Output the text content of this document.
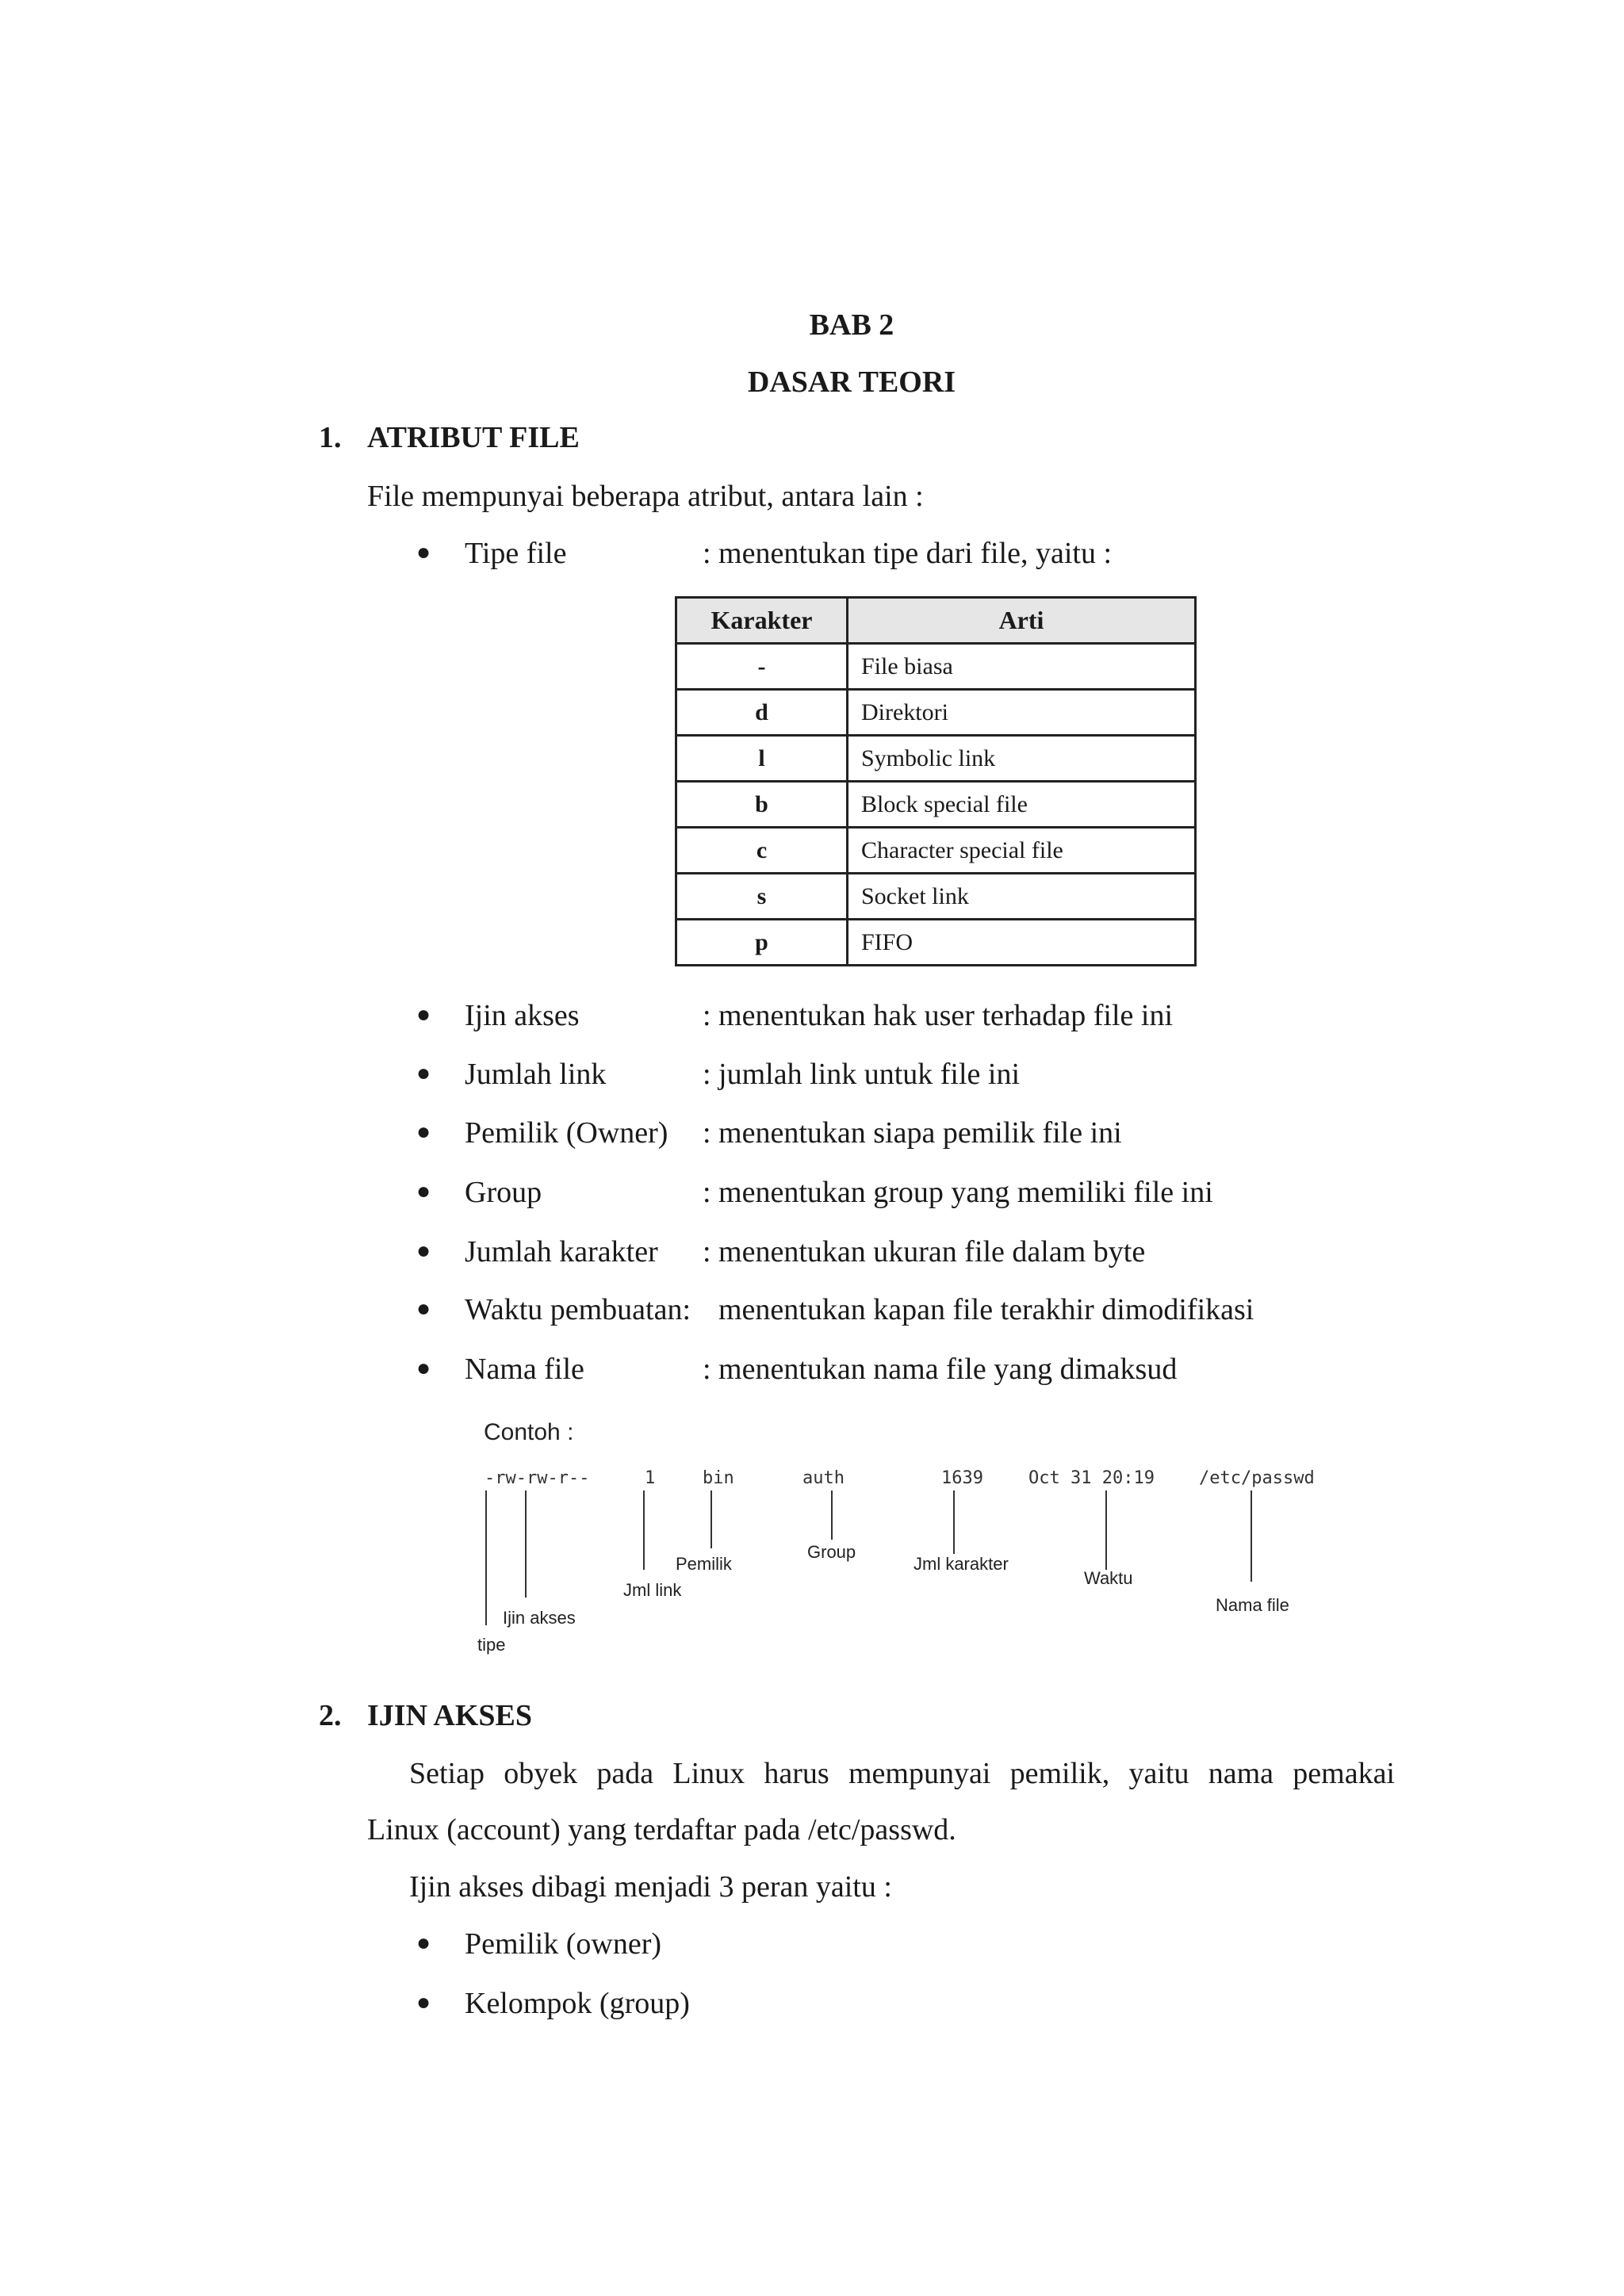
BAB 2
DASAR TEORI
1. ATRIBUT FILE
File mempunyai beberapa atribut, antara lain :
● Tipe file	: menentukan tipe dari file, yaitu :
Karakter	Arti
-	File biasa
d	Direktori
l	Symbolic link
b	Block special file
c	Character special file
s	Socket link
p	FIFO
● Ijin akses	: menentukan hak user terhadap file ini
● Jumlah link	: jumlah link untuk file ini
● Pemilik (Owner) : menentukan siapa pemilik file ini
● Group	: menentukan group yang memiliki file ini
● Jumlah karakter : menentukan ukuran file dalam byte
● Waktu pembuatan: menentukan kapan file terakhir dimodifikasi
● Nama file	: menentukan nama file yang dimaksud
Contoh :
-rw-rw-r--	1	bin	auth	1639	Oct 31 20:19	/etc/passwd
tipe
Ijin akses
Jml link
Pemilik
Group
Jml karakter
Waktu
Nama file
2. IJIN AKSES
Setiap obyek pada Linux harus mempunyai pemilik, yaitu nama pemakai
Linux (account) yang terdaftar pada /etc/passwd.
Ijin akses dibagi menjadi 3 peran yaitu :
● Pemilik (owner)
● Kelompok (group)
